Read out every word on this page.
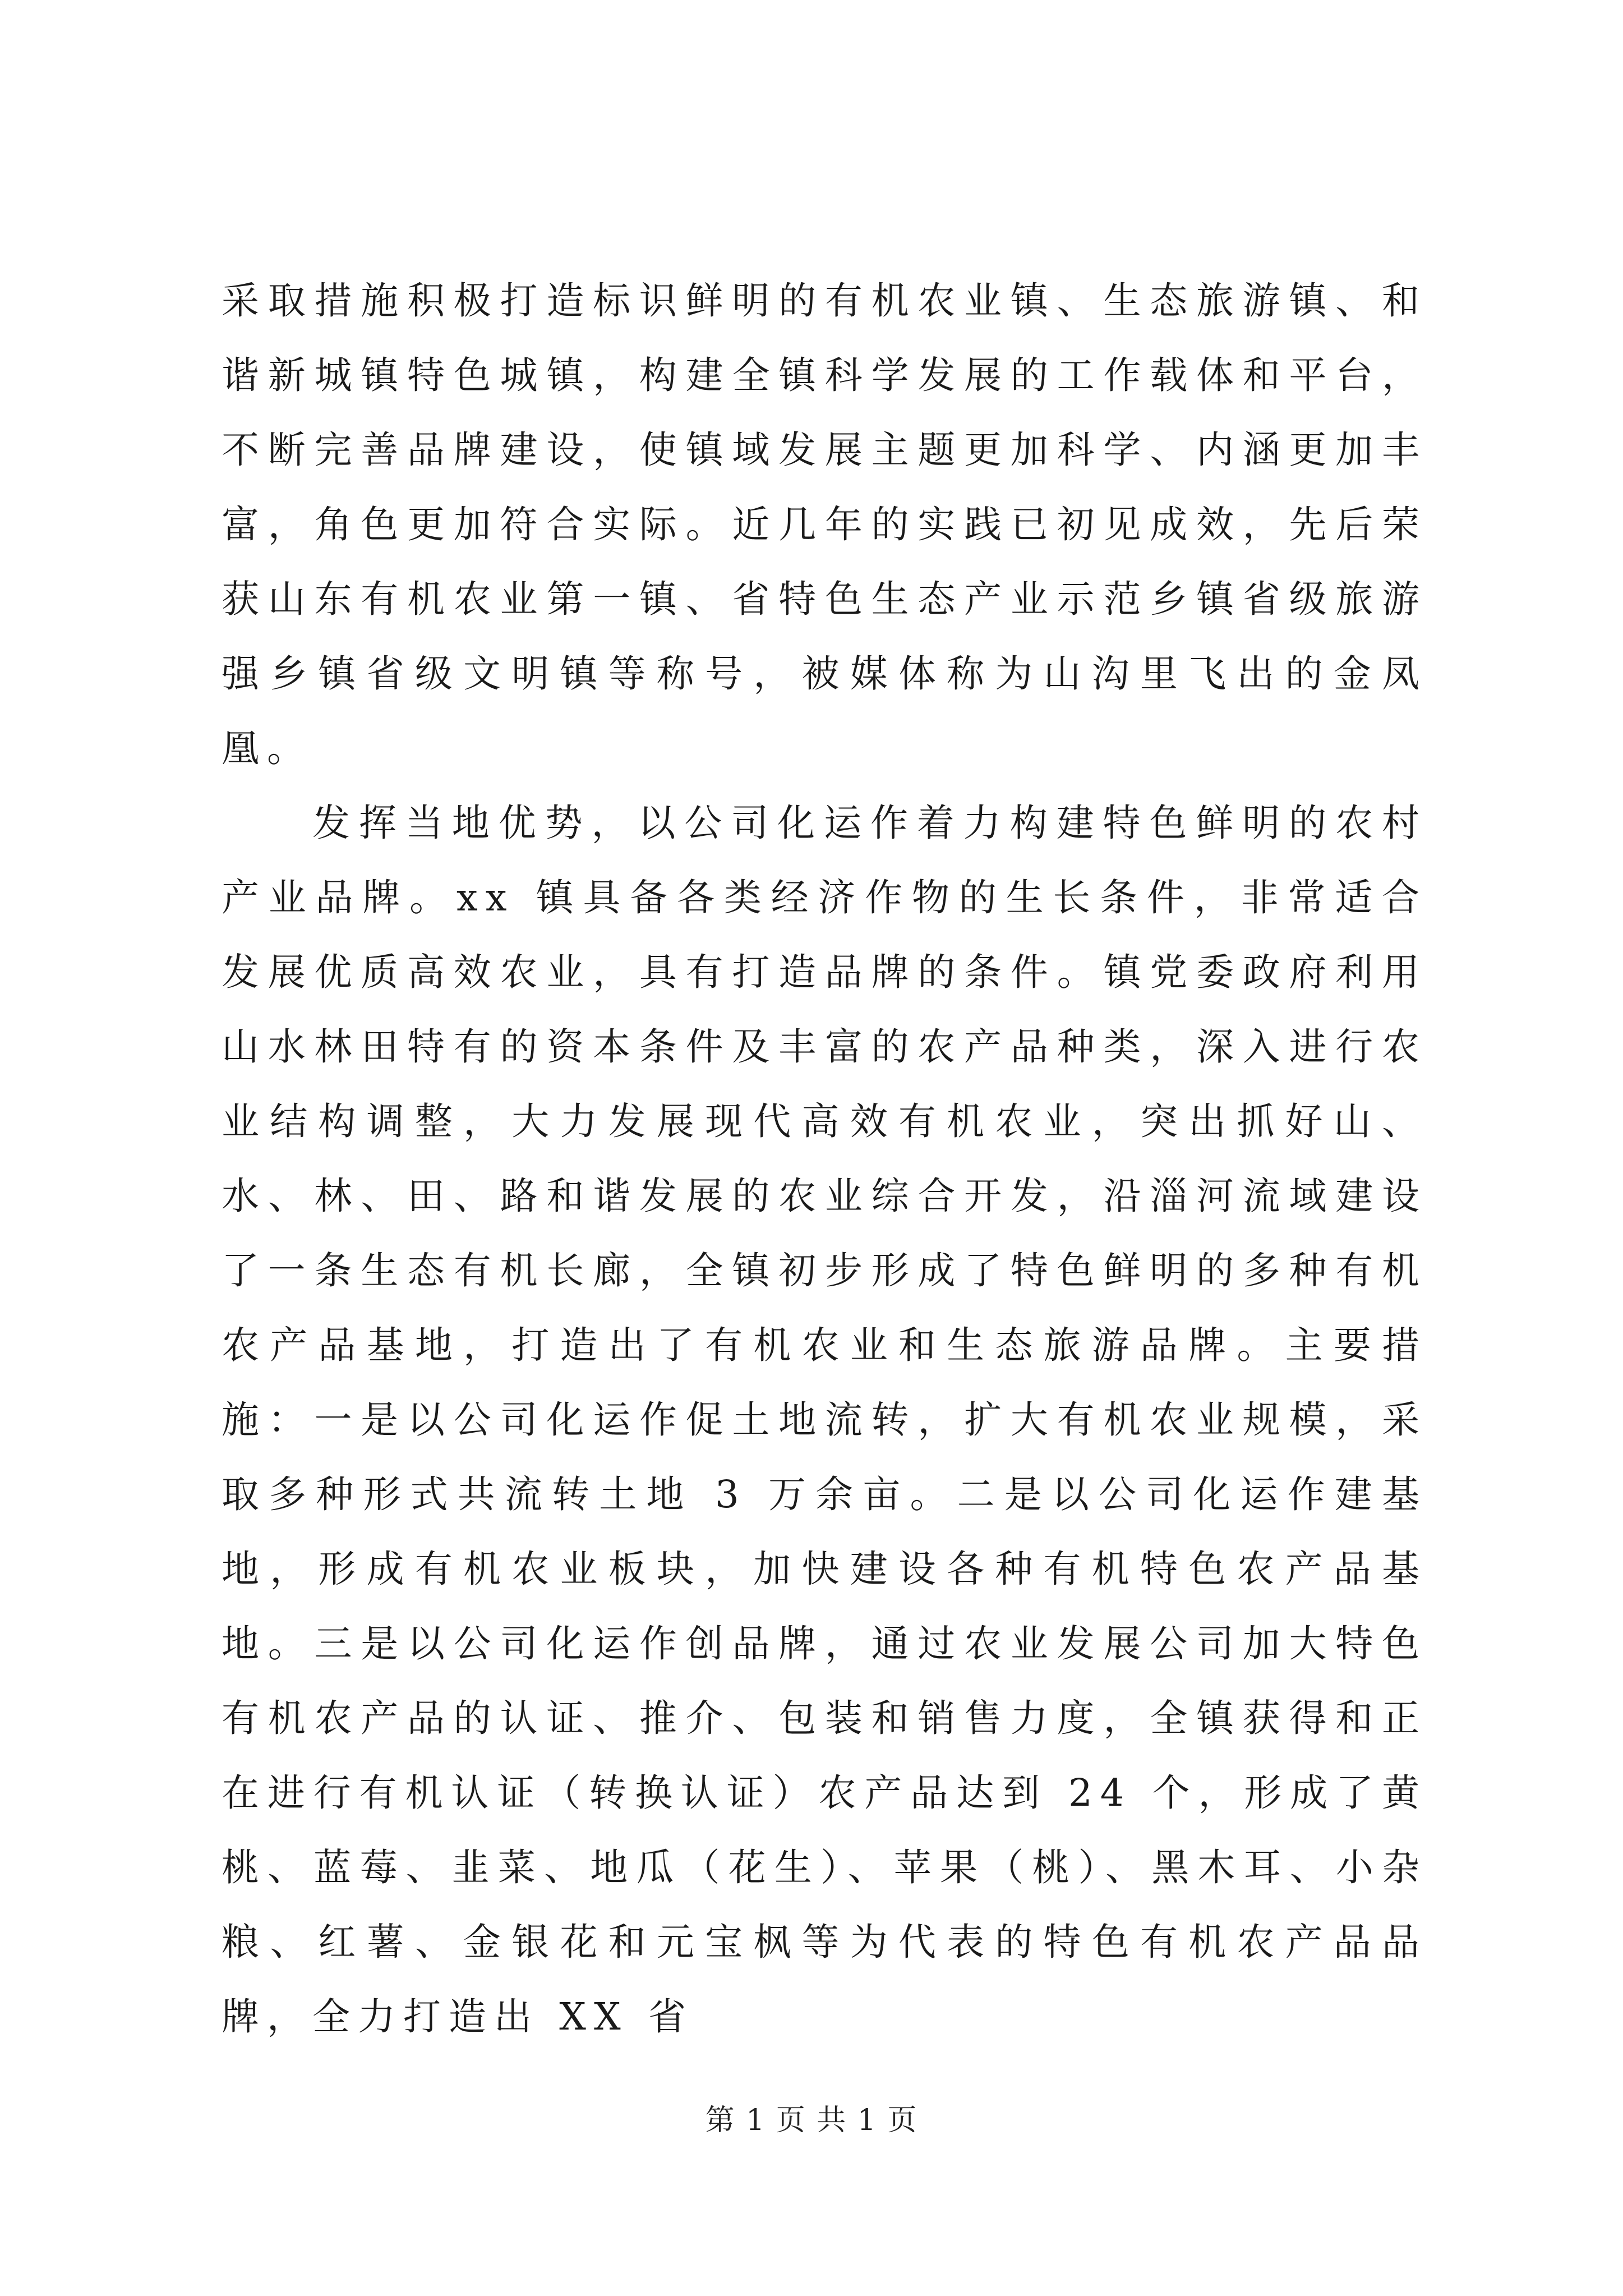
采取措施积极打造标识鲜明的有机农业镇、生态旅游镇、和谐新城镇特色城镇，构建全镇科学发展的工作载体和平台，不断完善品牌建设，使镇域发展主题更加科学、内涵更加丰富，角色更加符合实际。近几年的实践已初见成效，先后荣获山东有机农业第一镇、省特色生态产业示范乡镇省级旅游强乡镇省级文明镇等称号，被媒体称为山沟里飞出的金凤凰。

发挥当地优势，以公司化运作着力构建特色鲜明的农村产业品牌。xx 镇具备各类经济作物的生长条件，非常适合发展优质高效农业，具有打造品牌的条件。镇党委政府利用山水林田特有的资本条件及丰富的农产品种类，深入进行农业结构调整，大力发展现代高效有机农业，突出抓好山、水、林、田、路和谐发展的农业综合开发，沿淄河流域建设了一条生态有机长廊，全镇初步形成了特色鲜明的多种有机农产品基地，打造出了有机农业和生态旅游品牌。主要措施：一是以公司化运作促土地流转，扩大有机农业规模，采取多种形式共流转土地 3 万余亩。二是以公司化运作建基地，形成有机农业板块，加快建设各种有机特色农产品基地。三是以公司化运作创品牌，通过农业发展公司加大特色有机农产品的认证、推介、包装和销售力度，全镇获得和正在进行有机认证（转换认证）农产品达到 24 个，形成了黄桃、蓝莓、韭菜、地瓜（花生）、苹果（桃）、黑木耳、小杂粮、红薯、金银花和元宝枫等为代表的特色有机农产品品牌，全力打造出 XX 省

第 1 页 共 1 页
